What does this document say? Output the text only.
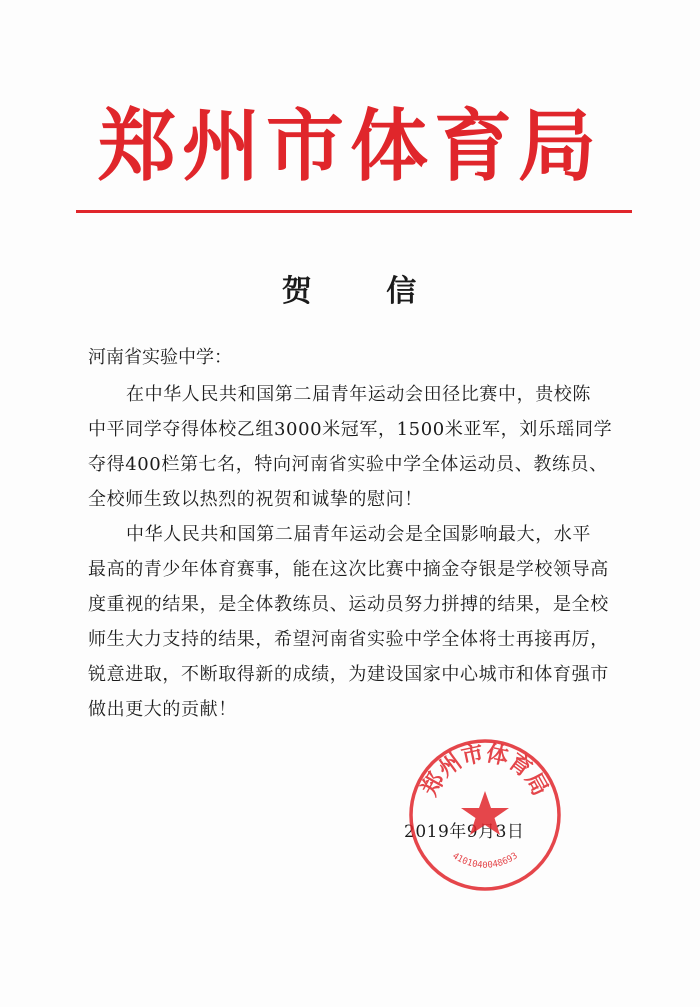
郑州市体育局
贺 信
河南省实验中学：
在中华人民共和国第二届青年运动会田径比赛中，贵校陈
中平同学夺得体校乙组3000米冠军，1500米亚军，刘乐瑶同学
夺得400栏第七名，特向河南省实验中学全体运动员、教练员、
全校师生致以热烈的祝贺和诚挚的慰问！
中华人民共和国第二届青年运动会是全国影响最大，水平
最高的青少年体育赛事，能在这次比赛中摘金夺银是学校领导高
度重视的结果，是全体教练员、运动员努力拼搏的结果，是全校
师生大力支持的结果，希望河南省实验中学全体将士再接再厉，
锐意进取，不断取得新的成绩，为建设国家中心城市和体育强市
做出更大的贡献！
2019年9月3日
郑州市体育局
4101040048693
